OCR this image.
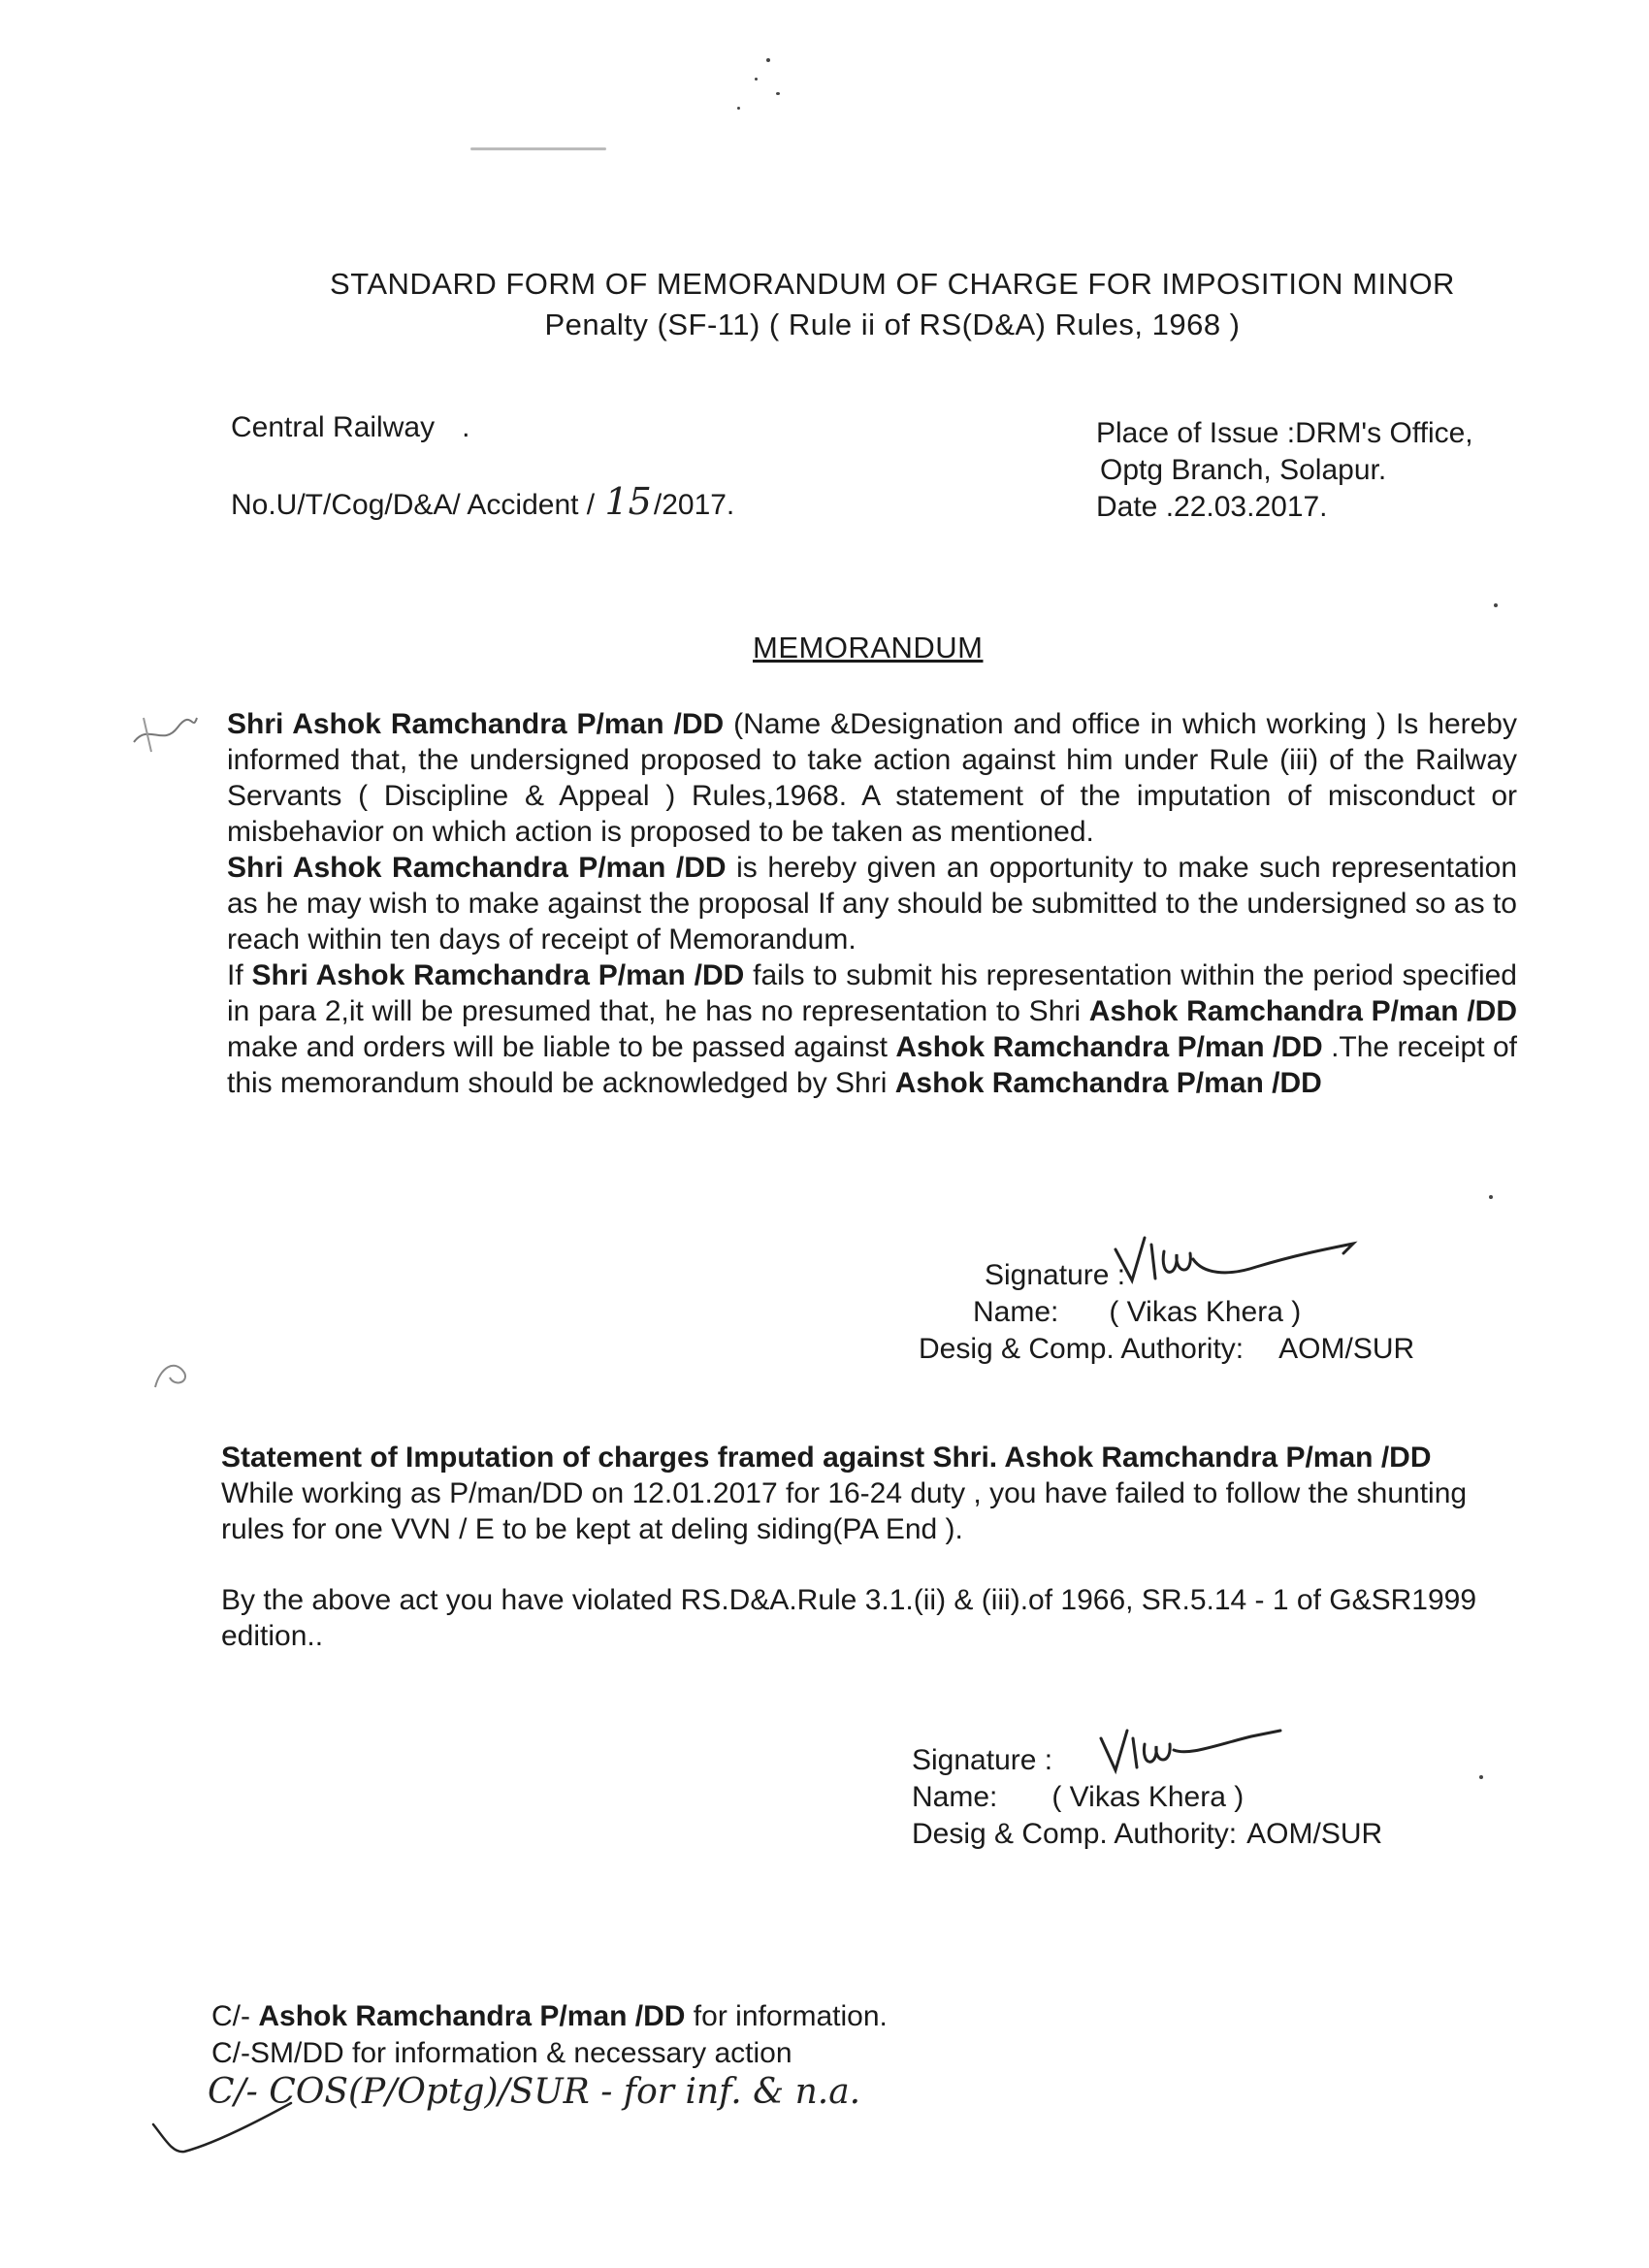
STANDARD FORM OF MEMORANDUM OF CHARGE FOR IMPOSITION MINOR
Penalty (SF-11) ( Rule ii of RS(D&A) Rules, 1968 )
Central Railway .
No.U/T/Cog/D&A/ Accident / 15/2017.
Place of Issue :DRM's Office,
Optg Branch, Solapur.
Date .22.03.2017.
MEMORANDUM

Shri Ashok Ramchandra P/man /DD (Name &Designation and office in which working ) Is hereby informed that, the undersigned proposed to take action against him under Rule (iii) of the Railway Servants ( Discipline & Appeal ) Rules,1968. A statement of the imputation of misconduct or misbehavior on which action is proposed to be taken as mentioned.

Shri Ashok Ramchandra P/man /DD is hereby given an opportunity to make such representation as he may wish to make against the proposal If any should be submitted to the undersigned so as to reach within ten days of receipt of Memorandum.

If Shri Ashok Ramchandra P/man /DD fails to submit his representation within the period specified in para 2,it will be presumed that, he has no representation to Shri Ashok Ramchandra P/man /DD make and orders will be liable to be passed against Ashok Ramchandra P/man /DD .The receipt of this memorandum should be acknowledged by Shri Ashok Ramchandra P/man /DD

Signature :
Name: ( Vikas Khera )
Desig & Comp. Authority: AOM/SUR

Statement of Imputation of charges framed against Shri. Ashok Ramchandra P/man /DD

While working as P/man/DD on 12.01.2017 for 16-24 duty , you have failed to follow the shunting rules for one VVN / E to be kept at deling siding(PA End ).

By the above act you have violated RS.D&A.Rule 3.1.(ii) & (iii).of 1966, SR.5.14 - 1 of G&SR1999 edition..

Signature :
Name: ( Vikas Khera )
Desig & Comp. Authority: AOM/SUR

C/- Ashok Ramchandra P/man /DD for information.

C/-SM/DD for information & necessary action

C/- COS(P/Optg)/SUR - for inf. & n.a.
